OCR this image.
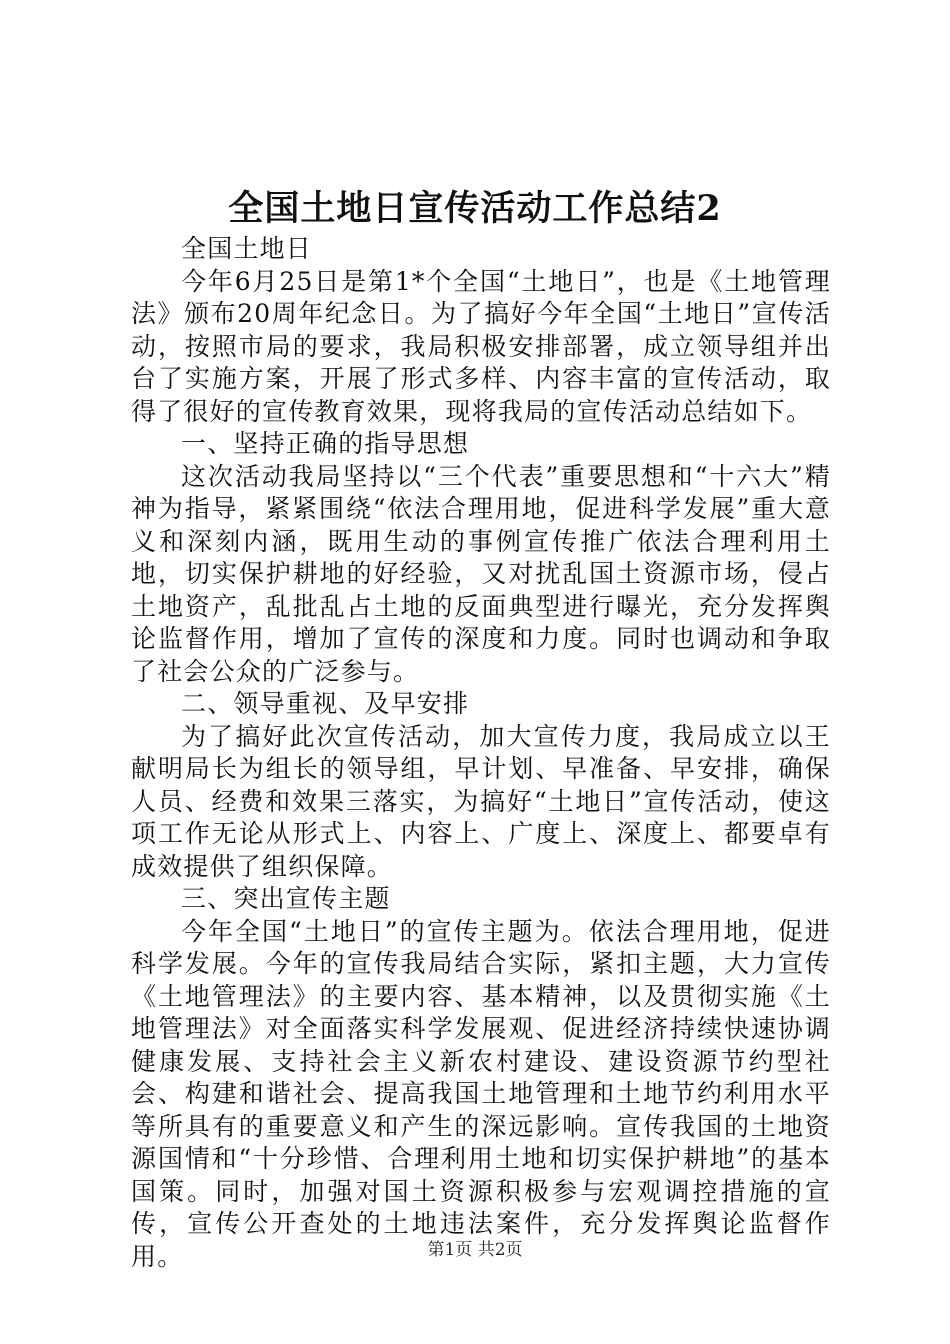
全国土地日宣传活动工作总结2

全国土地日

今年6月25日是第1*个全国“土地日”，也是《土地管理法》颁布20周年纪念日。为了搞好今年全国“土地日”宣传活动，按照市局的要求，我局积极安排部署，成立领导组并出台了实施方案，开展了形式多样、内容丰富的宣传活动，取得了很好的宣传教育效果，现将我局的宣传活动总结如下。

一、坚持正确的指导思想

这次活动我局坚持以“三个代表”重要思想和“十六大”精神为指导，紧紧围绕“依法合理用地，促进科学发展”重大意义和深刻内涵，既用生动的事例宣传推广依法合理利用土地，切实保护耕地的好经验，又对扰乱国土资源市场，侵占土地资产，乱批乱占土地的反面典型进行曝光，充分发挥舆论监督作用，增加了宣传的深度和力度。同时也调动和争取了社会公众的广泛参与。

二、领导重视、及早安排

为了搞好此次宣传活动，加大宣传力度，我局成立以王献明局长为组长的领导组，早计划、早准备、早安排，确保人员、经费和效果三落实，为搞好“土地日”宣传活动，使这项工作无论从形式上、内容上、广度上、深度上、都要卓有成效提供了组织保障。

三、突出宣传主题

今年全国“土地日”的宣传主题为。依法合理用地，促进科学发展。今年的宣传我局结合实际，紧扣主题，大力宣传《土地管理法》的主要内容、基本精神，以及贯彻实施《土地管理法》对全面落实科学发展观、促进经济持续快速协调健康发展、支持社会主义新农村建设、建设资源节约型社会、构建和谐社会、提高我国土地管理和土地节约利用水平等所具有的重要意义和产生的深远影响。宣传我国的土地资源国情和“十分珍惜、合理利用土地和切实保护耕地”的基本国策。同时，加强对国土资源积极参与宏观调控措施的宣传，宣传公开查处的土地违法案件，充分发挥舆论监督作用。	第1页 共2页
